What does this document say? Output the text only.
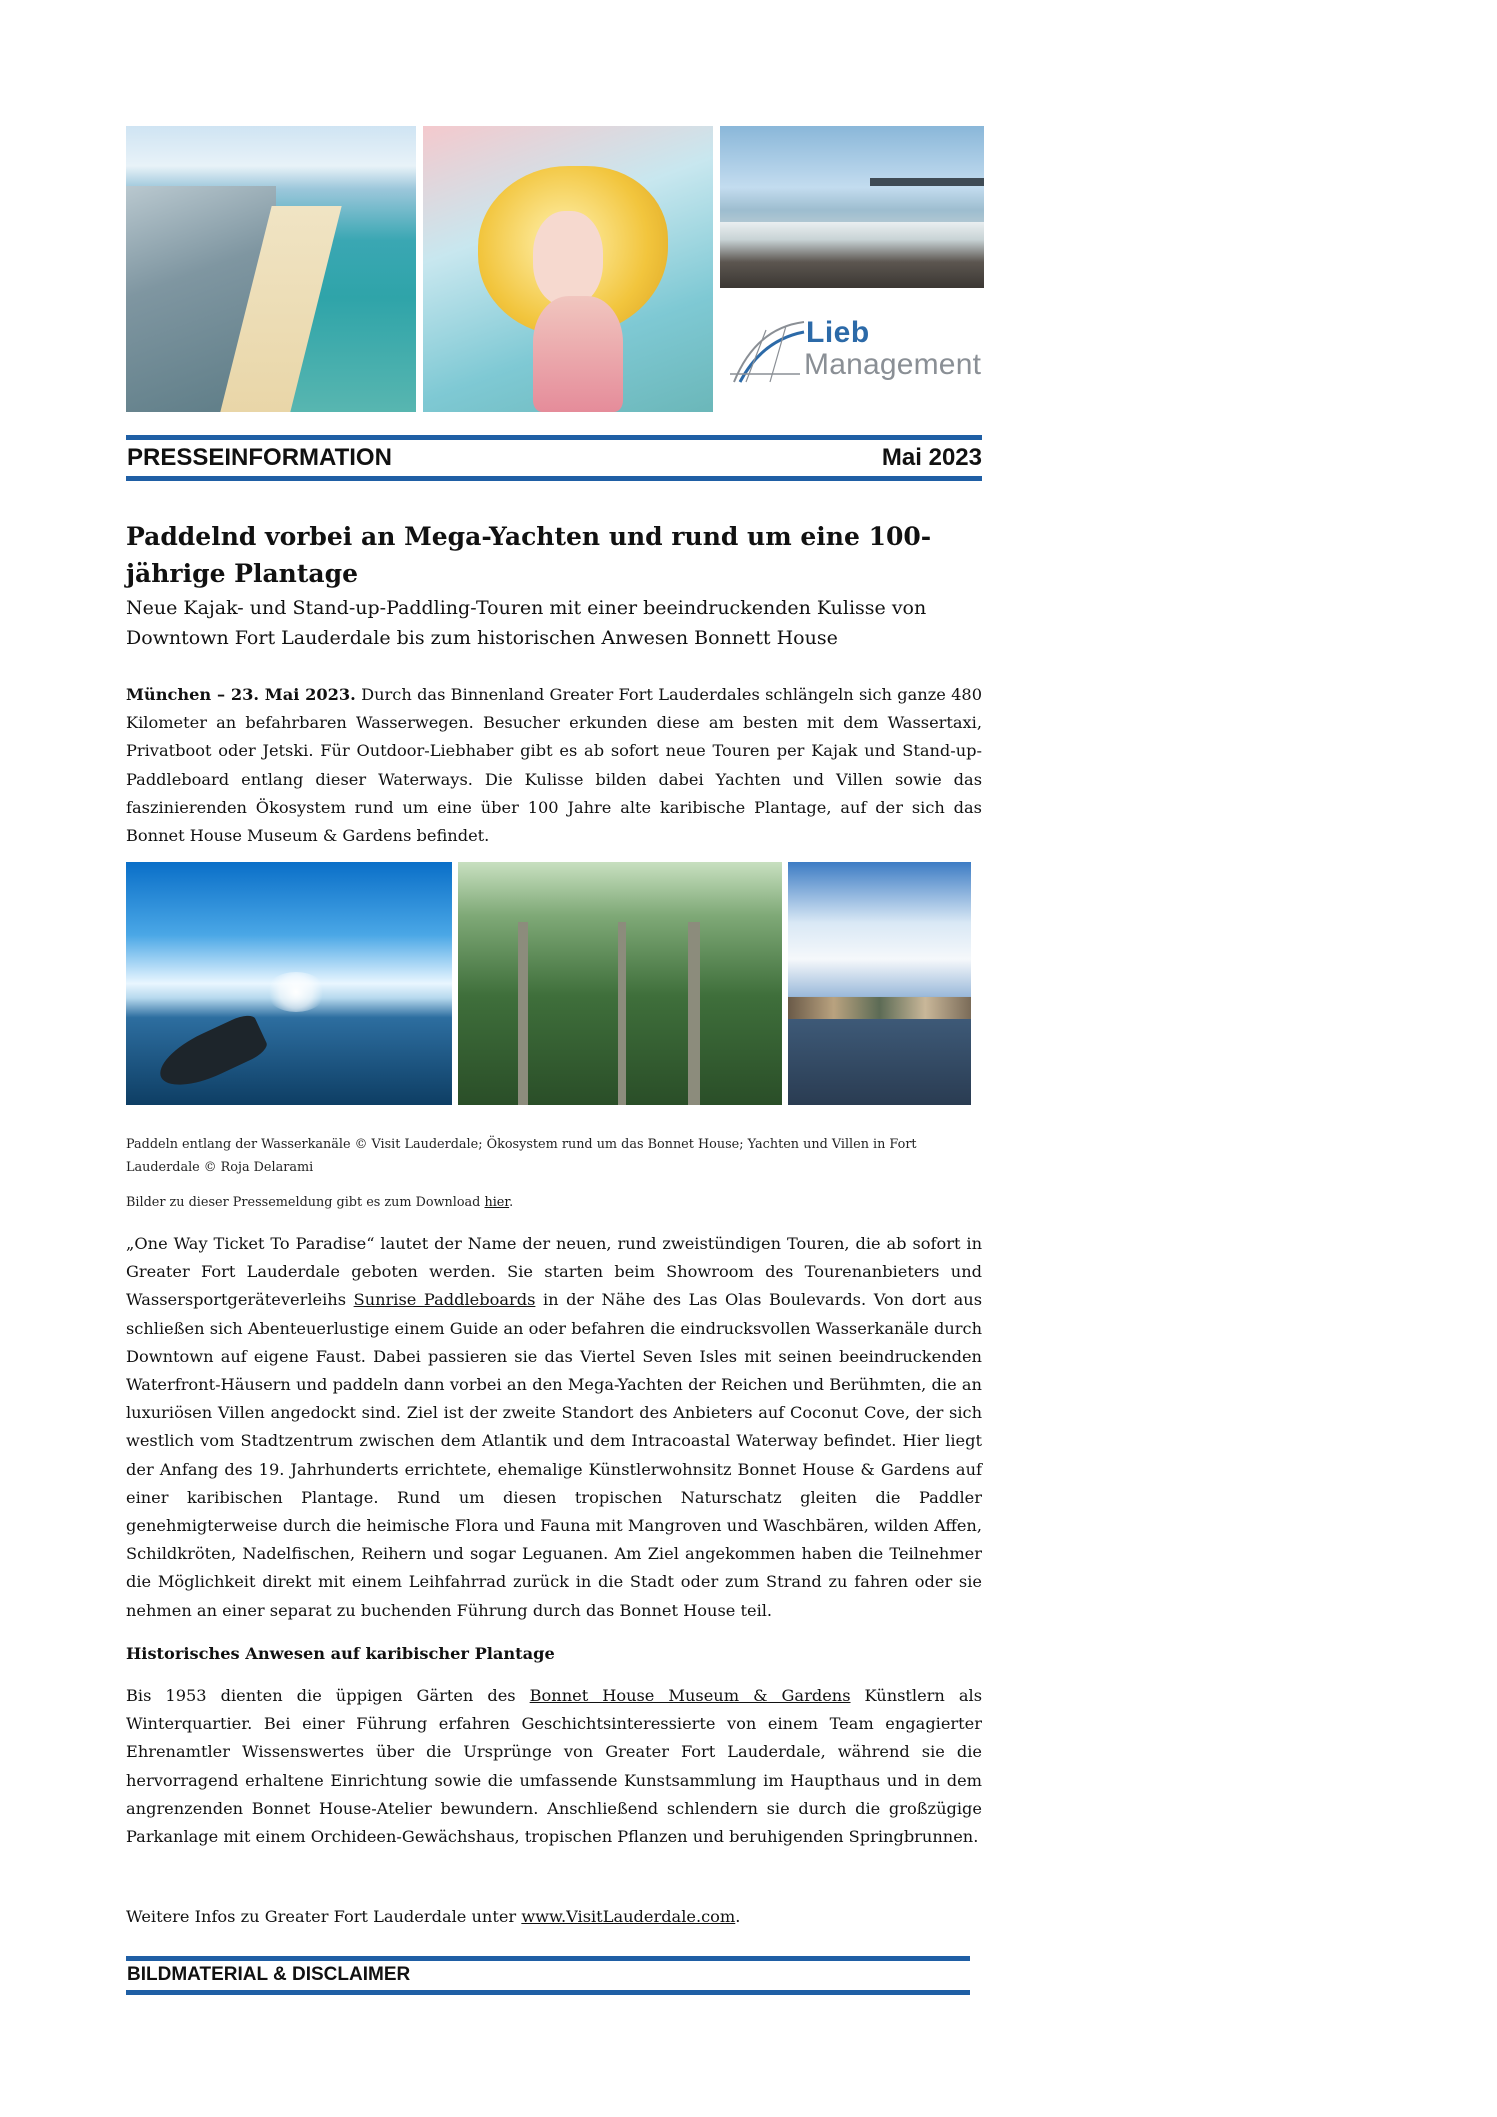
Lieb
Management
PRESSEINFORMATION	Mai 2023
Paddelnd vorbei an Mega-Yachten und rund um eine 100-jährige Plantage
Neue Kajak- und Stand-up-Paddling-Touren mit einer beeindruckenden Kulisse von Downtown Fort Lauderdale bis zum historischen Anwesen Bonnett House

München – 23. Mai 2023. Durch das Binnenland Greater Fort Lauderdales schlängeln sich ganze 480 Kilometer an befahrbaren Wasserwegen. Besucher erkunden diese am besten mit dem Wassertaxi, Privatboot oder Jetski. Für Outdoor-Liebhaber gibt es ab sofort neue Touren per Kajak und Stand-up-Paddleboard entlang dieser Waterways. Die Kulisse bilden dabei Yachten und Villen sowie das faszinierenden Ökosystem rund um eine über 100 Jahre alte karibische Plantage, auf der sich das Bonnet House Museum & Gardens befindet.

Paddeln entlang der Wasserkanäle © Visit Lauderdale; Ökosystem rund um das Bonnet House; Yachten und Villen in Fort Lauderdale © Roja Delarami
Bilder zu dieser Pressemeldung gibt es zum Download hier.

„One Way Ticket To Paradise“ lautet der Name der neuen, rund zweistündigen Touren, die ab sofort in Greater Fort Lauderdale geboten werden. Sie starten beim Showroom des Tourenanbieters und Wassersportgeräteverleihs Sunrise Paddleboards in der Nähe des Las Olas Boulevards. Von dort aus schließen sich Abenteuerlustige einem Guide an oder befahren die eindrucksvollen Wasserkanäle durch Downtown auf eigene Faust. Dabei passieren sie das Viertel Seven Isles mit seinen beeindruckenden Waterfront-Häusern und paddeln dann vorbei an den Mega-Yachten der Reichen und Berühmten, die an luxuriösen Villen angedockt sind. Ziel ist der zweite Standort des Anbieters auf Coconut Cove, der sich westlich vom Stadtzentrum zwischen dem Atlantik und dem Intracoastal Waterway befindet. Hier liegt der Anfang des 19. Jahrhunderts errichtete, ehemalige Künstlerwohnsitz Bonnet House & Gardens auf einer karibischen Plantage. Rund um diesen tropischen Naturschatz gleiten die Paddler genehmigterweise durch die heimische Flora und Fauna mit Mangroven und Waschbären, wilden Affen, Schildkröten, Nadelfischen, Reihern und sogar Leguanen. Am Ziel angekommen haben die Teilnehmer die Möglichkeit direkt mit einem Leihfahrrad zurück in die Stadt oder zum Strand zu fahren oder sie nehmen an einer separat zu buchenden Führung durch das Bonnet House teil.

Historisches Anwesen auf karibischer Plantage

Bis 1953 dienten die üppigen Gärten des Bonnet House Museum & Gardens Künstlern als Winterquartier. Bei einer Führung erfahren Geschichtsinteressierte von einem Team engagierter Ehrenamtler Wissenswertes über die Ursprünge von Greater Fort Lauderdale, während sie die hervorragend erhaltene Einrichtung sowie die umfassende Kunstsammlung im Haupthaus und in dem angrenzenden Bonnet House-Atelier bewundern. Anschließend schlendern sie durch die großzügige Parkanlage mit einem Orchideen-Gewächshaus, tropischen Pflanzen und beruhigenden Springbrunnen.

Weitere Infos zu Greater Fort Lauderdale unter www.VisitLauderdale.com.

BILDMATERIAL & DISCLAIMER
